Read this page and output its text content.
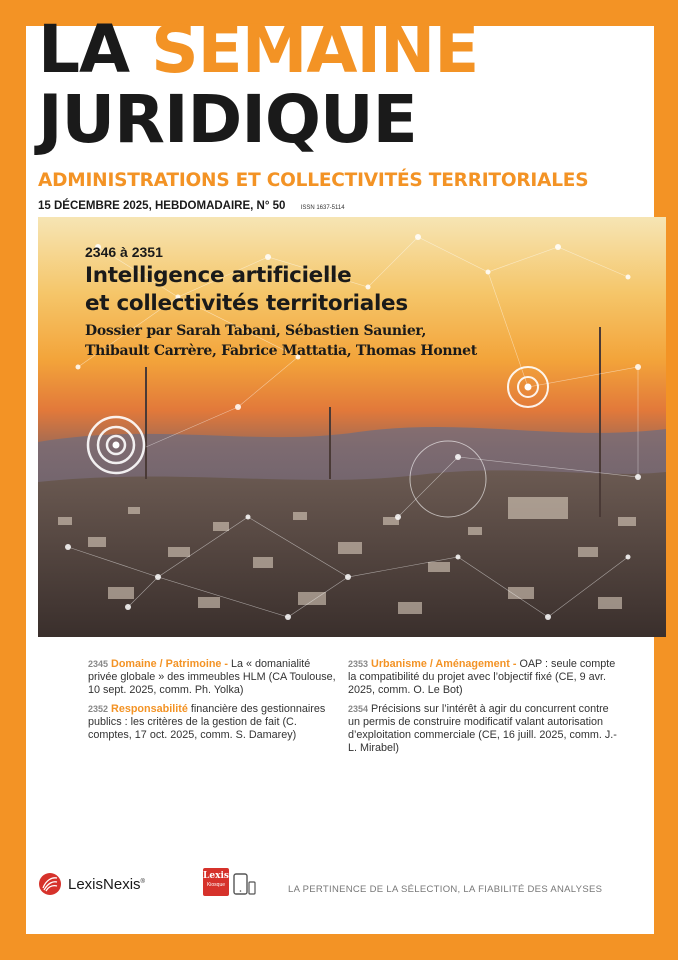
LA SEMAINE
JURIDIQUE
ADMINISTRATIONS ET COLLECTIVITÉS TERRITORIALES
15 DÉCEMBRE 2025, HEBDOMADAIRE, N° 50	ISSN 1637-5114
2346 à 2351
Intelligence artificielle
et collectivités territoriales
Dossier par Sarah Tabani, Sébastien Saunier,
Thibault Carrère, Fabrice Mattatia, Thomas Honnet

2345 Domaine / Patrimoine - La « domanialité privée globale » des immeubles HLM (CA Toulouse, 10 sept. 2025, comm. Ph. Yolka)

2352 Responsabilité financière des gestionnaires publics : les critères de la gestion de fait (C. comptes, 17 oct. 2025, comm. S. Damarey)

2353 Urbanisme / Aménagement - OAP : seule compte la compatibilité du projet avec l’objectif fixé (CE, 9 avr. 2025, comm. O. Le Bot)

2354 Précisions sur l’intérêt à agir du concurrent contre un permis de construire modificatif valant autorisation d’exploitation commerciale (CE, 16 juill. 2025, comm. J.-L. Mirabel)

LexisNexis®
Lexis
Kiosque	LA PERTINENCE DE LA SÉLECTION, LA FIABILITÉ DES ANALYSES
